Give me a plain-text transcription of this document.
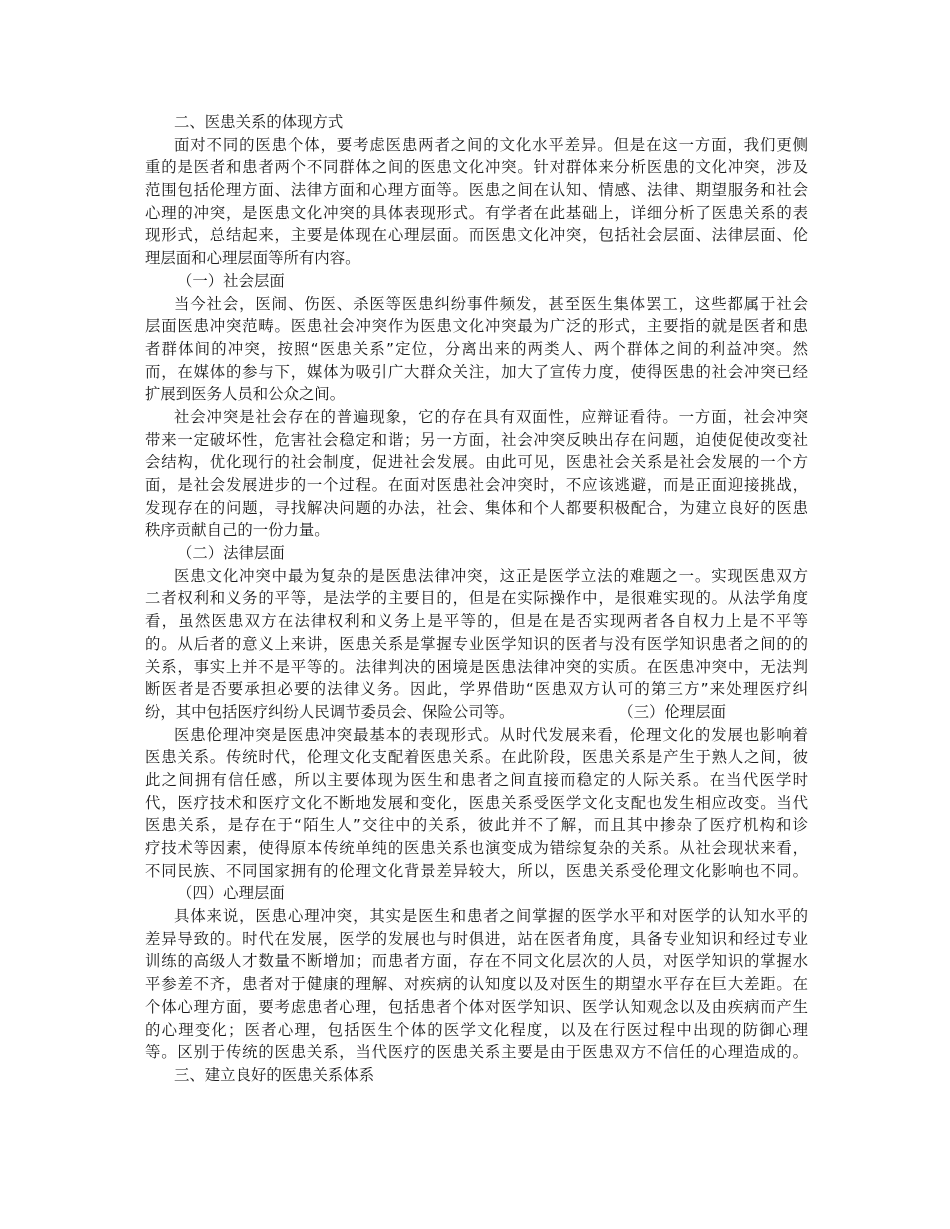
二、医患关系的体现方式
面对不同的医患个体，要考虑医患两者之间的文化水平差异。但是在这一方面，我们更侧
重的是医者和患者两个不同群体之间的医患文化冲突。针对群体来分析医患的文化冲突，涉及
范围包括伦理方面、法律方面和心理方面等。医患之间在认知、情感、法律、期望服务和社会
心理的冲突，是医患文化冲突的具体表现形式。有学者在此基础上，详细分析了医患关系的表
现形式，总结起来，主要是体现在心理层面。而医患文化冲突，包括社会层面、法律层面、伦
理层面和心理层面等所有内容。
（一）社会层面
当今社会，医闹、伤医、杀医等医患纠纷事件频发，甚至医生集体罢工，这些都属于社会
层面医患冲突范畴。医患社会冲突作为医患文化冲突最为广泛的形式，主要指的就是医者和患
者群体间的冲突，按照“医患关系”定位，分离出来的两类人、两个群体之间的利益冲突。然
而，在媒体的参与下，媒体为吸引广大群众关注，加大了宣传力度，使得医患的社会冲突已经
扩展到医务人员和公众之间。
社会冲突是社会存在的普遍现象，它的存在具有双面性，应辩证看待。一方面，社会冲突
带来一定破坏性，危害社会稳定和谐；另一方面，社会冲突反映出存在问题，迫使促使改变社
会结构，优化现行的社会制度，促进社会发展。由此可见，医患社会关系是社会发展的一个方
面，是社会发展进步的一个过程。在面对医患社会冲突时，不应该逃避，而是正面迎接挑战，
发现存在的问题，寻找解决问题的办法，社会、集体和个人都要积极配合，为建立良好的医患
秩序贡献自己的一份力量。
（二）法律层面
医患文化冲突中最为复杂的是医患法律冲突，这正是医学立法的难题之一。实现医患双方
二者权利和义务的平等，是法学的主要目的，但是在实际操作中，是很难实现的。从法学角度
看，虽然医患双方在法律权利和义务上是平等的，但是在是否实现两者各自权力上是不平等
的。从后者的意义上来讲，医患关系是掌握专业医学知识的医者与没有医学知识患者之间的的
关系，事实上并不是平等的。法律判决的困境是医患法律冲突的实质。在医患冲突中，无法判
断医者是否要承担必要的法律义务。因此，学界借助“医患双方认可的第三方”来处理医疗纠
纷，其中包括医疗纠纷人民调节委员会、保险公司等。	（三）伦理层面
医患伦理冲突是医患冲突最基本的表现形式。从时代发展来看，伦理文化的发展也影响着
医患关系。传统时代，伦理文化支配着医患关系。在此阶段，医患关系是产生于熟人之间，彼
此之间拥有信任感，所以主要体现为医生和患者之间直接而稳定的人际关系。在当代医学时
代，医疗技术和医疗文化不断地发展和变化，医患关系受医学文化支配也发生相应改变。当代
医患关系，是存在于“陌生人”交往中的关系，彼此并不了解，而且其中掺杂了医疗机构和诊
疗技术等因素，使得原本传统单纯的医患关系也演变成为错综复杂的关系。从社会现状来看，
不同民族、不同国家拥有的伦理文化背景差异较大，所以，医患关系受伦理文化影响也不同。
（四）心理层面
具体来说，医患心理冲突，其实是医生和患者之间掌握的医学水平和对医学的认知水平的
差异导致的。时代在发展，医学的发展也与时俱进，站在医者角度，具备专业知识和经过专业
训练的高级人才数量不断增加；而患者方面，存在不同文化层次的人员，对医学知识的掌握水
平参差不齐，患者对于健康的理解、对疾病的认知度以及对医生的期望水平存在巨大差距。在
个体心理方面，要考虑患者心理，包括患者个体对医学知识、医学认知观念以及由疾病而产生
的心理变化；医者心理，包括医生个体的医学文化程度，以及在行医过程中出现的防御心理
等。区别于传统的医患关系，当代医疗的医患关系主要是由于医患双方不信任的心理造成的。
三、建立良好的医患关系体系
